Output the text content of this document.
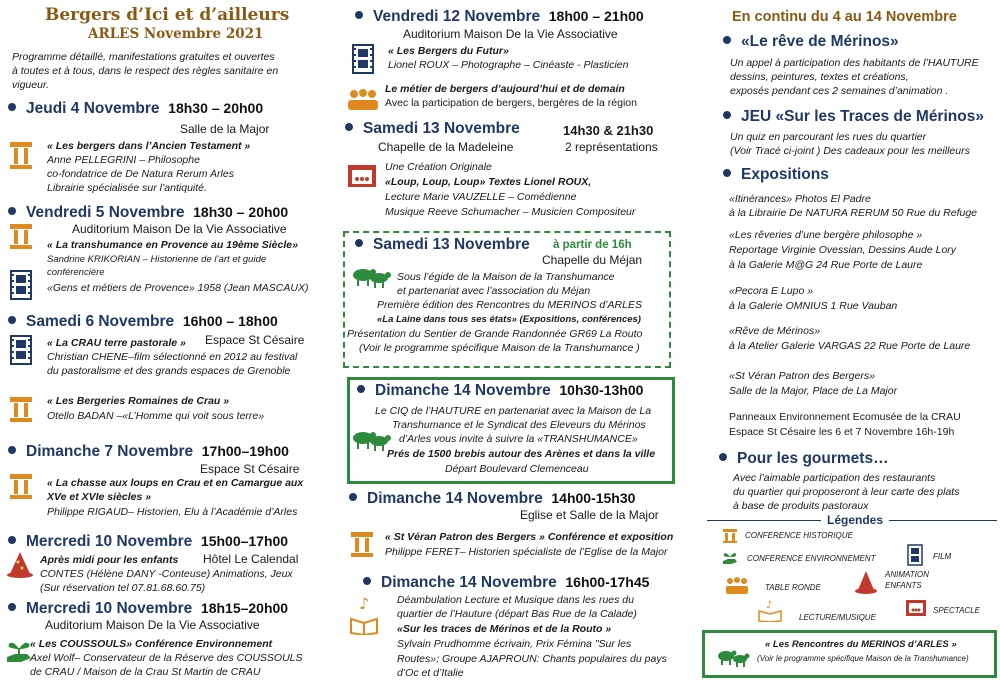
Bergers d’Ici et d’ailleurs
ARLES Novembre 2021
Programme détaillé, manifestations gratuites et ouvertes
à toutes et à tous, dans le respect des règles sanitaire en
vigueur.
Jeudi 4 Novembre 18h30 – 20h00
Salle de la Major
« Les bergers dans l’Ancien Testament »
Anne PELLEGRINI – Philosophe
co-fondatrice de De Natura Rerum Arles
Librairie spécialisée sur l’antiquité.
Vendredi 5 Novembre 18h30 – 20h00
Auditorium Maison De la Vie Associative
« La transhumance en Provence au 19ème Siècle»
Sandrine KRIKORIAN – Historienne de l’art et guide
conférencière
«Gens et métiers de Provence» 1958 (Jean MASCAUX)
Samedi 6 Novembre 16h00 – 18h00
Espace St Césaire
« La CRAU terre pastorale »
Christian CHENE–film sélectionné en 2012 au festival
du pastoralisme et des grands espaces de Grenoble
« Les Bergeries Romaines de Crau »
Otello BADAN –«L’Homme qui voit sous terre»
Dimanche 7 Novembre 17h00–19h00
Espace St Césaire
« La chasse aux loups en Crau et en Camargue aux
XVe et XVIe siècles »
Philippe RIGAUD– Historien, Elu à l’Académie d’Arles
Mercredi 10 Novembre 15h00–17h00
Après midi pour les enfants Hôtel Le Calendal
CONTES (Hélène DANY -Conteuse) Animations, Jeux
(Sur réservation tel 07.81.68.60.75)
Mercredi 10 Novembre 18h15–20h00
Auditorium Maison De la Vie Associative
« Les COUSSOULS» Conférence Environnement
Axel Wolf– Conservateur de la Réserve des COUSSOULS
de CRAU / Maison de la Crau St Martin de CRAU
Vendredi 12 Novembre 18h00 – 21h00
Auditorium Maison De la Vie Associative
« Les Bergers du Futur»
Lionel ROUX – Photographe – Cinéaste - Plasticien
Le métier de bergers d’aujourd’hui et de demain
Avec la participation de bergers, bergères de la région
Samedi 13 Novembre	14h30 & 21h30
Chapelle de la Madeleine	2 représentations
Une Création Originale
«Loup, Loup, Loup» Textes Lionel ROUX,
Lecture Marie VAUZELLE – Comédienne
Musique Reeve Schumacher – Musicien Compositeur
Samedi 13 Novembre à partir de 16h
Chapelle du Méjan
Sous l’égide de la Maison de la Transhumance
et partenariat avec l’association du Méjan
Première édition des Rencontres du MERINOS d’ARLES
«La Laine dans tous ses états» (Expositions, conférences)
Présentation du Sentier de Grande Randonnée GR69 La Routo
(Voir le programme spécifique Maison de la Transhumance )
Dimanche 14 Novembre 10h30-13h00
Le CIQ de l’HAUTURE en partenariat avec la Maison de La
Transhumance et le Syndicat des Eleveurs du Mérinos
d’Arles vous invite à suivre la «TRANSHUMANCE»
Prés de 1500 brebis autour des Arènes et dans la ville
Départ Boulevard Clemenceau
Dimanche 14 Novembre 14h00-15h30
Eglise et Salle de la Major
« St Véran Patron des Bergers » Conférence et exposition
Philippe FERET– Historien spécialiste de l’Eglise de la Major
Dimanche 14 Novembre 16h00-17h45
♪	Déambulation Lecture et Musique dans les rues du
quartier de l’Hauture (départ Bas Rue de la Calade)
«Sur les traces de Mérinos et de la Routo »
Sylvain Prudhomme écrivain, Prix Fémina "Sur les
Routes»; Groupe AJAPROUN: Chants populaires du pays
d’Oc et d’Italie
En continu du 4 au 14 Novembre
«Le rêve de Mérinos»
Un appel à participation des habitants de l’HAUTURE
dessins, peintures, textes et créations,
exposés pendant ces 2 semaines d’animation .
JEU «Sur les Traces de Mérinos»
Un quiz en parcourant les rues du quartier
(Voir Tracé ci-joint ) Des cadeaux pour les meilleurs
Expositions
«Itinérances» Photos El Padre
à la Librairie De NATURA RERUM 50 Rue du Refuge
«Les rêveries d’une bergère philosophe »
Reportage Virginie Ovessian, Dessins Aude Lory
à la Galerie M@G 24 Rue Porte de Laure
«Pecora E Lupo »
à la Galerie OMNIUS 1 Rue Vauban
«Rêve de Mérinos»
à la Atelier Galerie VARGAS 22 Rue Porte de Laure
«St Véran Patron des Bergers»
Salle de la Major, Place de La Major
Panneaux Environnement Ecomusée de la CRAU
Espace St Césaire les 6 et 7 Novembre 16h-19h
Pour les gourmets…
Avec l’aimable participation des restaurants
du quartier qui proposeront à leur carte des plats
à base de produits pastoraux
Légendes
CONFERENCE HISTORIQUE
CONFERENCE ENVIRONNEMENT	FILM
TABLE RONDE
ANIMATION
ENFANTS
♪
LECTURE/MUSIQUE
SPECTACLE
« Les Rencontres du MERINOS d’ARLES »
(Voir le programme spécifique Maison de la Transhumance)
